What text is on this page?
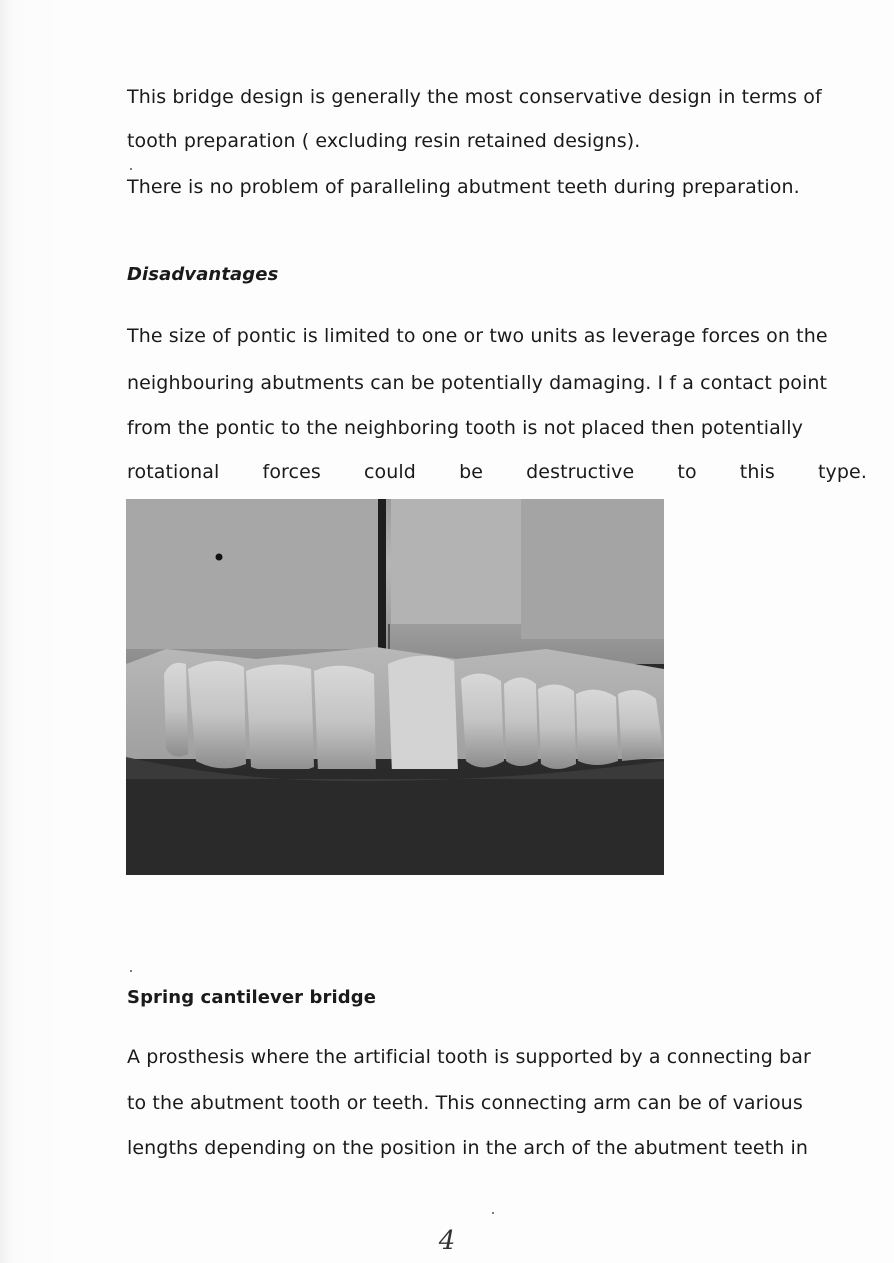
This bridge design is generally the most conservative design in terms of
tooth preparation ( excluding resin retained designs).
There is no problem of paralleling abutment teeth during preparation.
Disadvantages
The size of pontic is limited to one or two units as leverage forces on the
neighbouring abutments can be potentially damaging. I f a contact point
from the pontic to the neighboring tooth is not placed then potentially
rotational forces could be destructive to this type.
Spring cantilever bridge
A prosthesis where the artificial tooth is supported by a connecting bar
to the abutment tooth or teeth. This connecting arm can be of various
lengths depending on the position in the arch of the abutment teeth in
4
